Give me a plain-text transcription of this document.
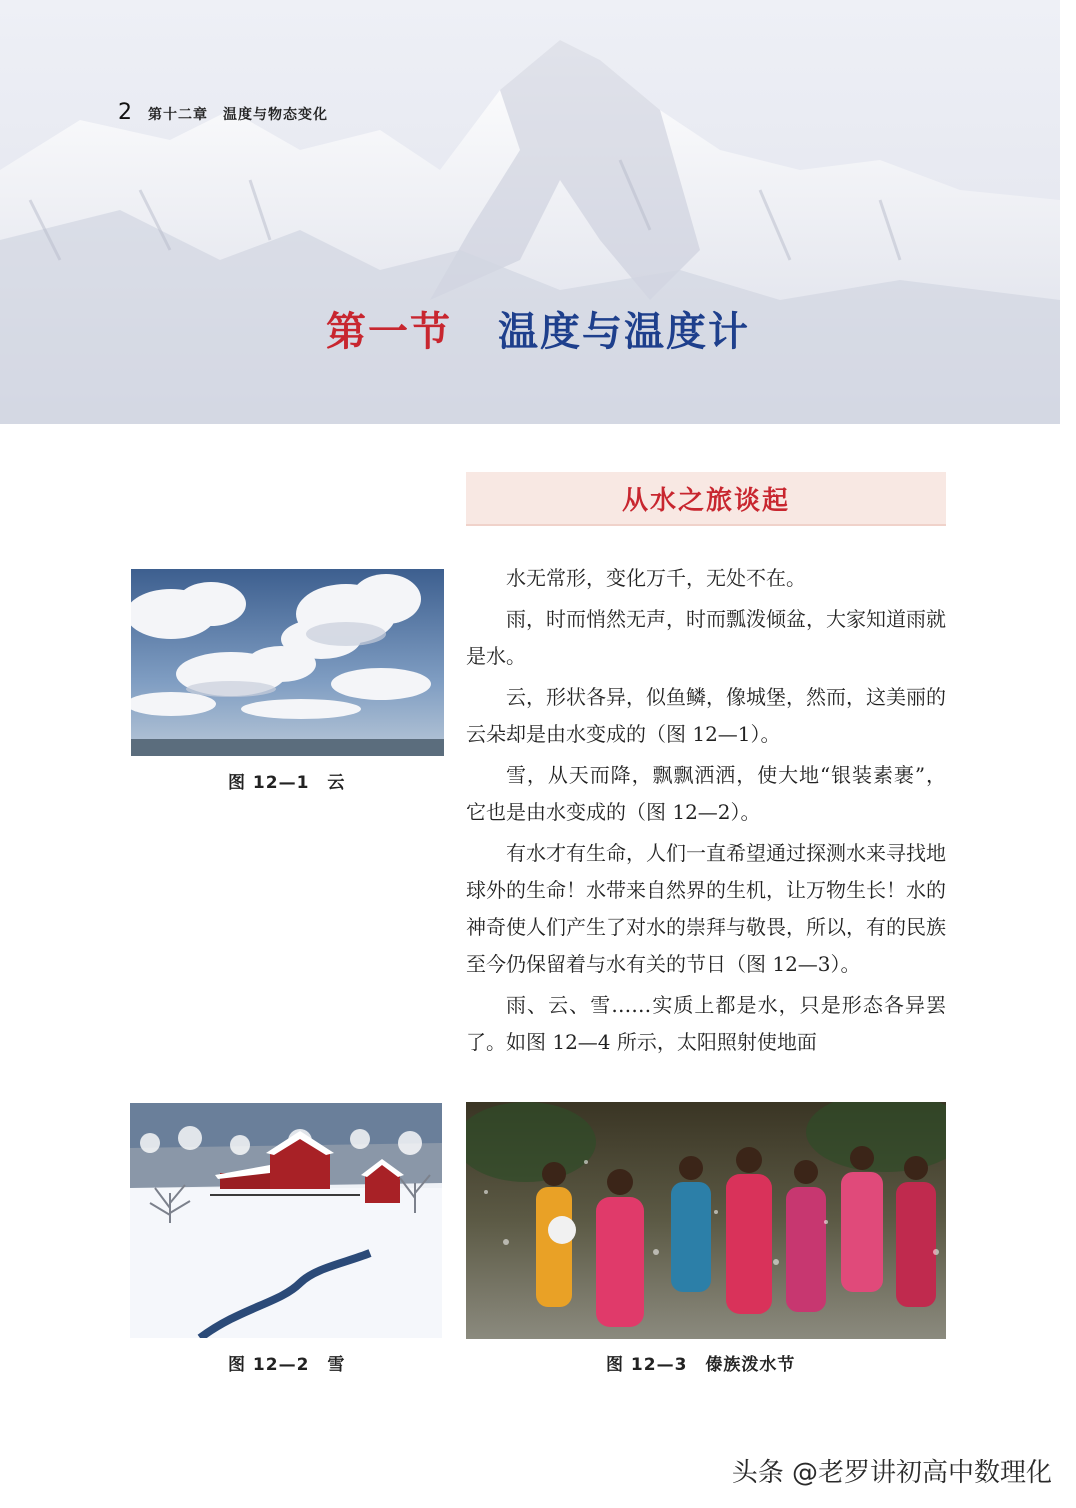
2 第十二章　温度与物态变化
第一节 温度与温度计
从水之旅谈起
图 12—1　云

水无常形，变化万千，无处不在。

雨，时而悄然无声，时而瓢泼倾盆，大家知道雨就是水。

云，形状各异，似鱼鳞，像城堡，然而，这美丽的云朵却是由水变成的（图 12—1）。

雪，从天而降，飘飘洒洒，使大地“银装素裹”，它也是由水变成的（图 12—2）。

有水才有生命，人们一直希望通过探测水来寻找地球外的生命！水带来自然界的生机，让万物生长！水的神奇使人们产生了对水的崇拜与敬畏，所以，有的民族至今仍保留着与水有关的节日（图 12—3）。

雨、云、雪……实质上都是水，只是形态各异罢了。如图 12—4 所示，太阳照射使地面

图 12—2　雪	图 12—3　傣族泼水节
头条 @老罗讲初高中数理化
